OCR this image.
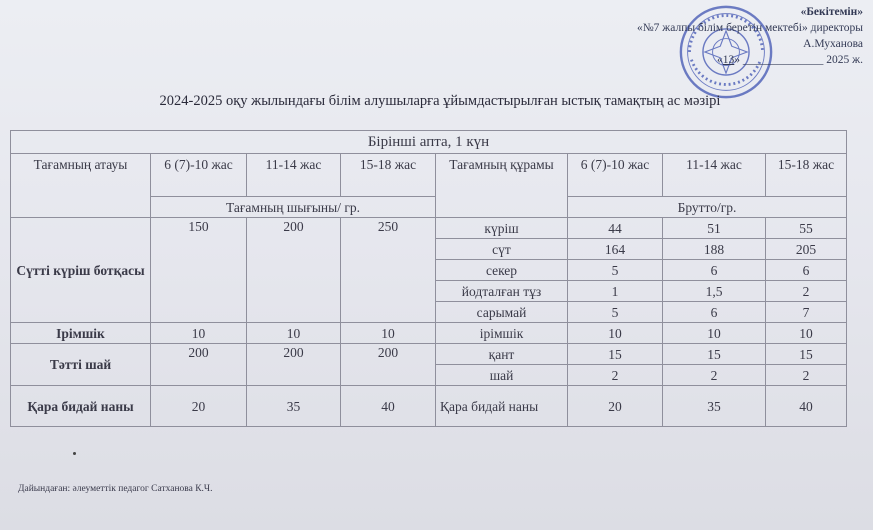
«Бекітемін»
«№7 жалпы білім беретін мектебі» директоры
А.Муханова
«13» ______________ 2025 ж.
2024-2025 оқу жылындағы білім алушыларға ұйымдастырылған ыстық тамақтың ас мәзірі
Бірінші апта, 1 күн							
Тағамның атауы	6 (7)-10 жас	11-14 жас	15-18 жас	Тағамның құрамы	6 (7)-10 жас	11-14 жас	15-18 жас
	Тағамның шығыны/ гр.				Брутто/гр.		
Сүтті күріш ботқасы	150	200	250	күріш	44	51	55
				сүт	164	188	205
				секер	5	6	6
				йодталған тұз	1	1,5	2
				сарымай	5	6	7
Ірімшік	10	10	10	ірімшік	10	10	10
Тәтті шай	200	200	200	қант	15	15	15
				шай	2	2	2
Қара бидай наны	20	35	40	Қара бидай наны	20	35	40
Дайындаған: әлеуметтік педагог Сатханова К.Ч.
